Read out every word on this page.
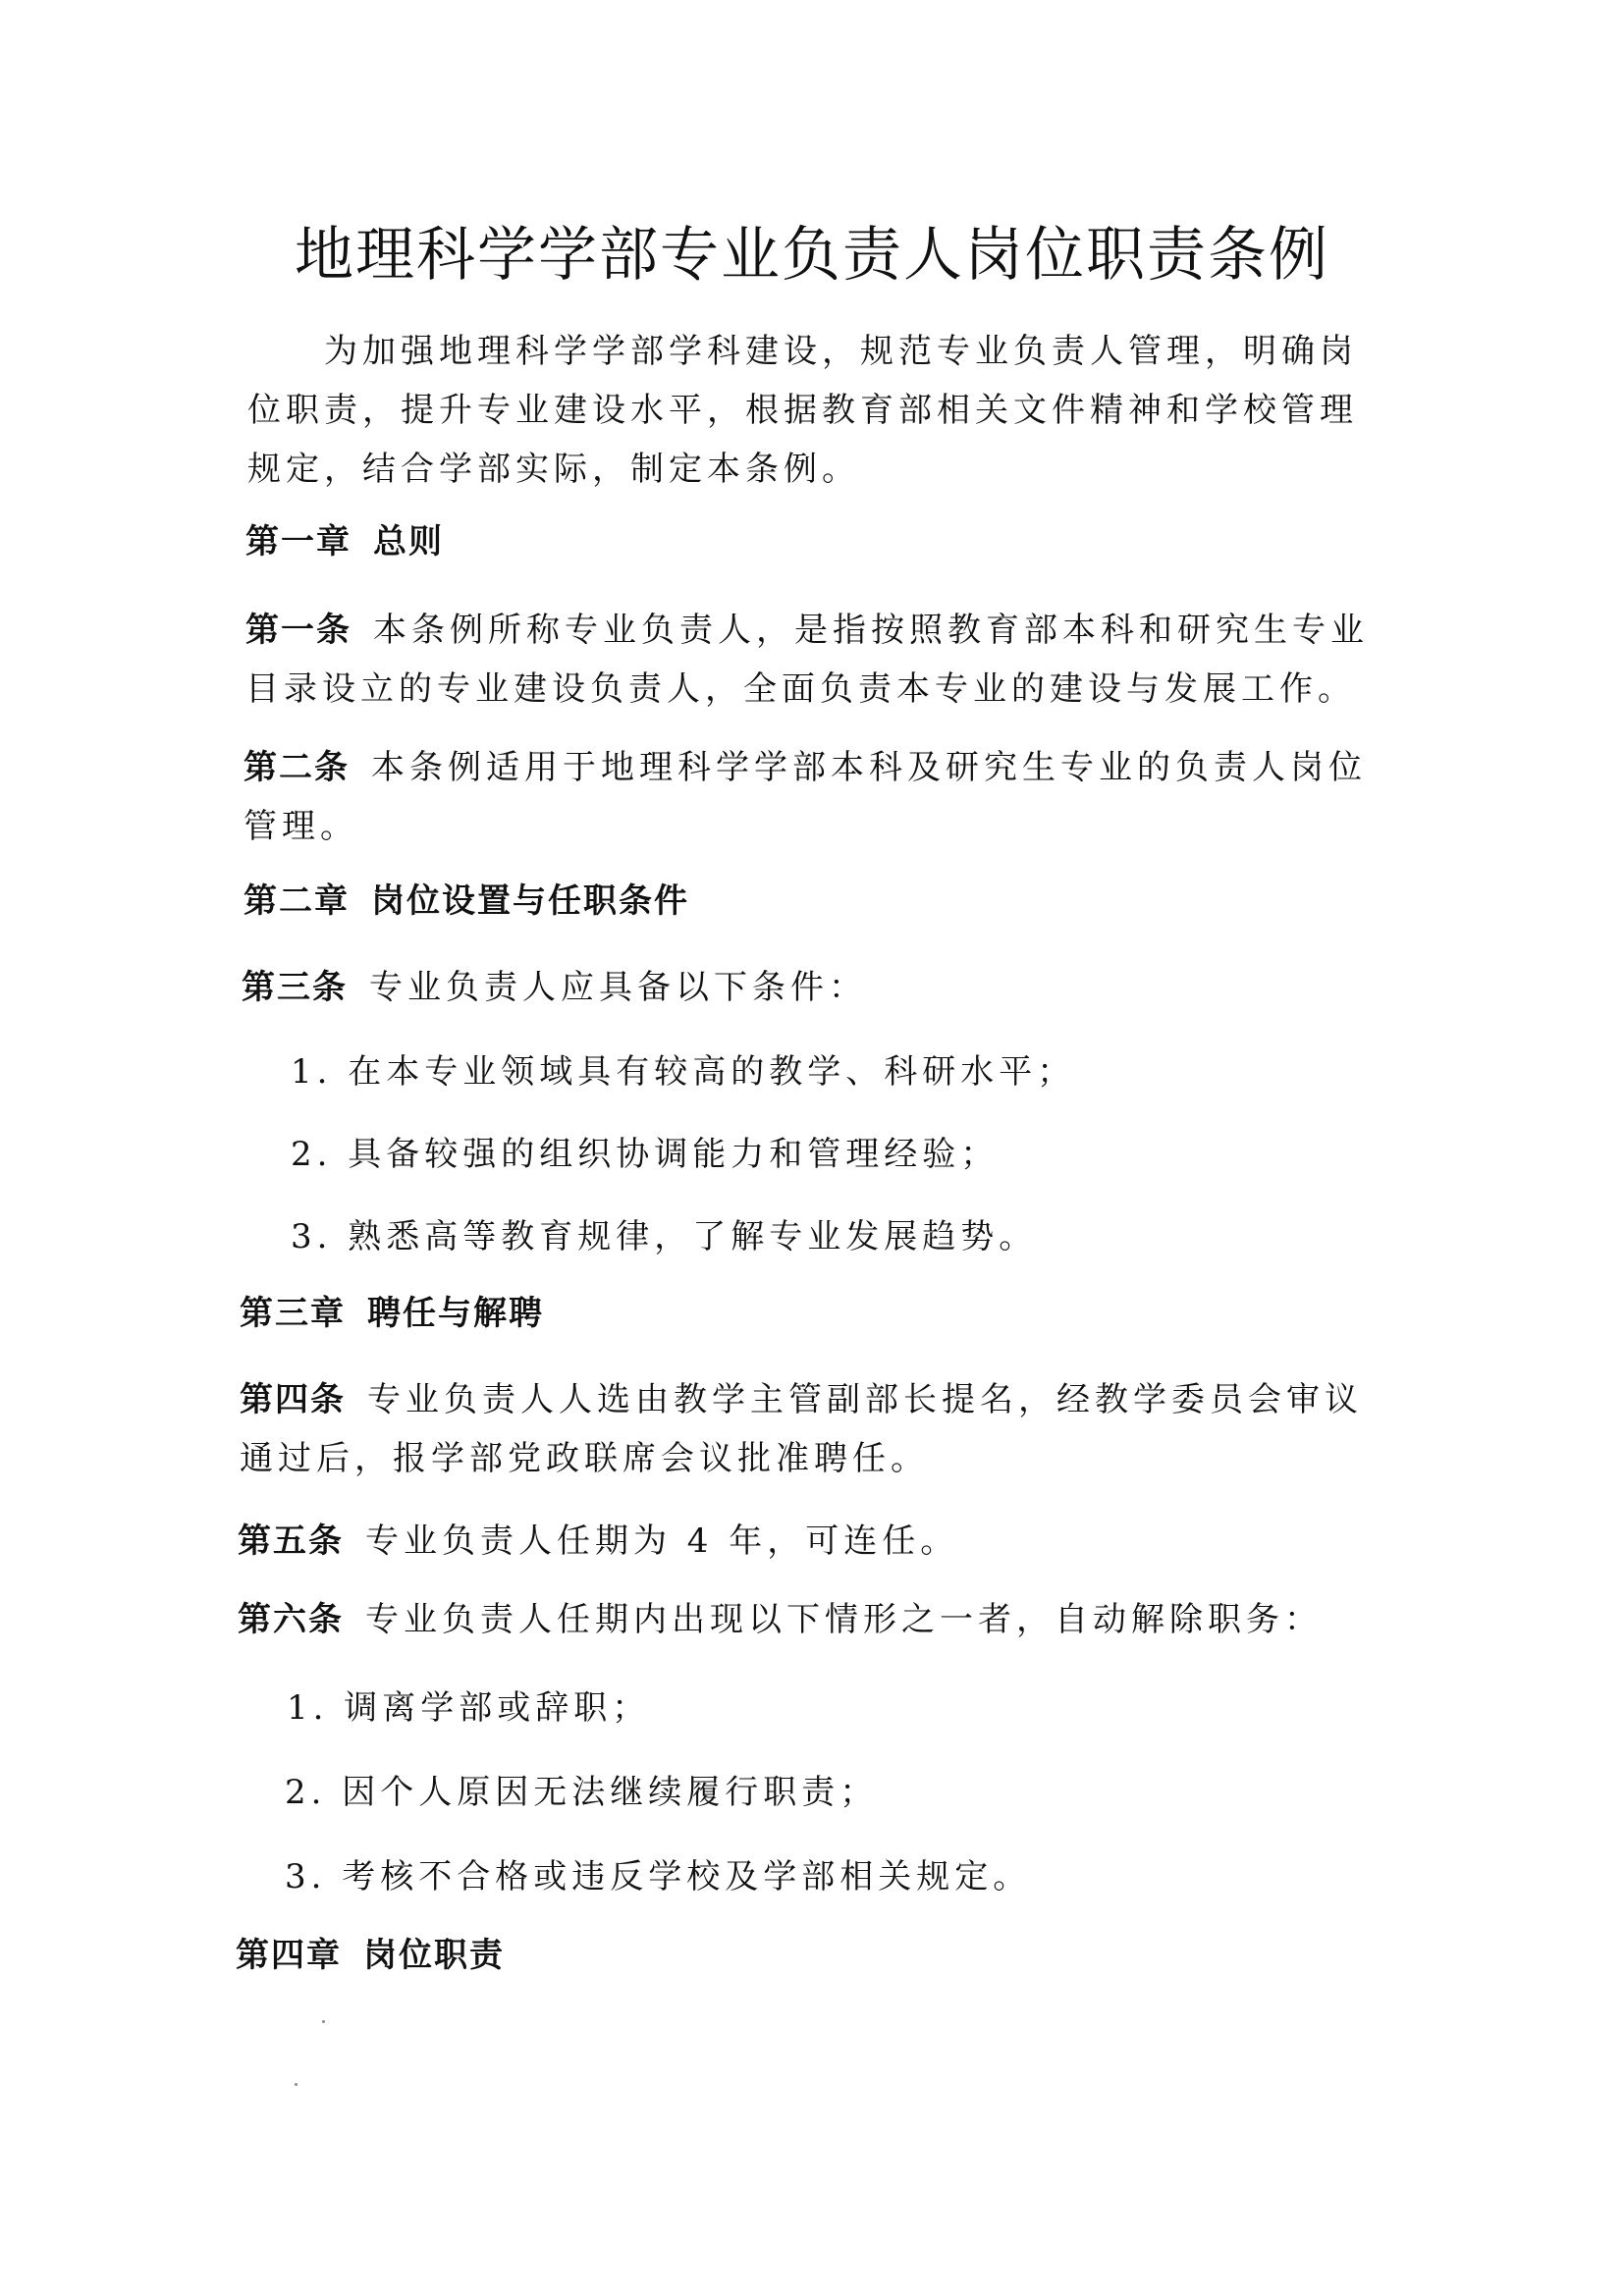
地理科学学部专业负责人岗位职责条例
为加强地理科学学部学科建设，规范专业负责人管理，明确岗
位职责，提升专业建设水平，根据教育部相关文件精神和学校管理
规定，结合学部实际，制定本条例。
第一章 总则
第一条 本条例所称专业负责人，是指按照教育部本科和研究生专业
目录设立的专业建设负责人，全面负责本专业的建设与发展工作。
第二条 本条例适用于地理科学学部本科及研究生专业的负责人岗位
管理。
第二章 岗位设置与任职条件
第三条 专业负责人应具备以下条件：
1. 在本专业领域具有较高的教学、科研水平；
2. 具备较强的组织协调能力和管理经验；
3. 熟悉高等教育规律，了解专业发展趋势。
第三章 聘任与解聘
第四条 专业负责人人选由教学主管副部长提名，经教学委员会审议
通过后，报学部党政联席会议批准聘任。
第五条 专业负责人任期为 4 年，可连任。
第六条 专业负责人任期内出现以下情形之一者，自动解除职务：
1. 调离学部或辞职；
2. 因个人原因无法继续履行职责；
3. 考核不合格或违反学校及学部相关规定。
第四章 岗位职责
